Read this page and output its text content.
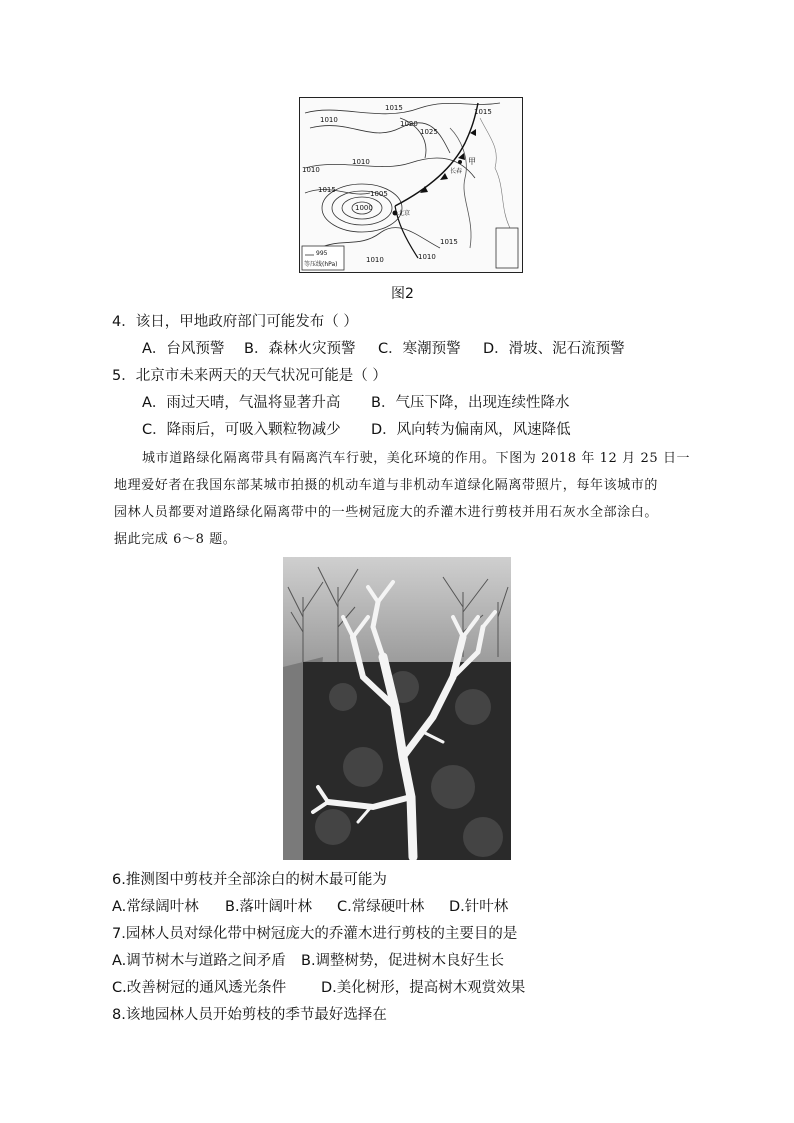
1015
1020
1025
1010
1015	1005
1000
1010
1015
1010
1010
1015
1010
甲
长春
北京
995
等压线(hPa)
图2
4．该日，甲地政府部门可能发布（ ）
A．台风预警 B．森林火灾预警 C．寒潮预警 D．滑坡、泥石流预警
5．北京市未来两天的天气状况可能是（ ）
A．雨过天晴，气温将显著升高 B．气压下降，出现连续性降水
C．降雨后，可吸入颗粒物减少 D．风向转为偏南风，风速降低
城市道路绿化隔离带具有隔离汽车行驶，美化环境的作用。下图为 2018 年 12 月 25 日一
地理爱好者在我国东部某城市拍摄的机动车道与非机动车道绿化隔离带照片，每年该城市的
园林人员都要对道路绿化隔离带中的一些树冠庞大的乔灌木进行剪枝并用石灰水全部涂白。
据此完成 6～8 题。
6.推测图中剪枝并全部涂白的树木最可能为
A.常绿阔叶林 B.落叶阔叶林 C.常绿硬叶林 D.针叶林
7.园林人员对绿化带中树冠庞大的乔灌木进行剪枝的主要目的是
A.调节树木与道路之间矛盾 B.调整树势，促进树木良好生长
C.改善树冠的通风透光条件 D.美化树形，提高树木观赏效果
8.该地园林人员开始剪枝的季节最好选择在
